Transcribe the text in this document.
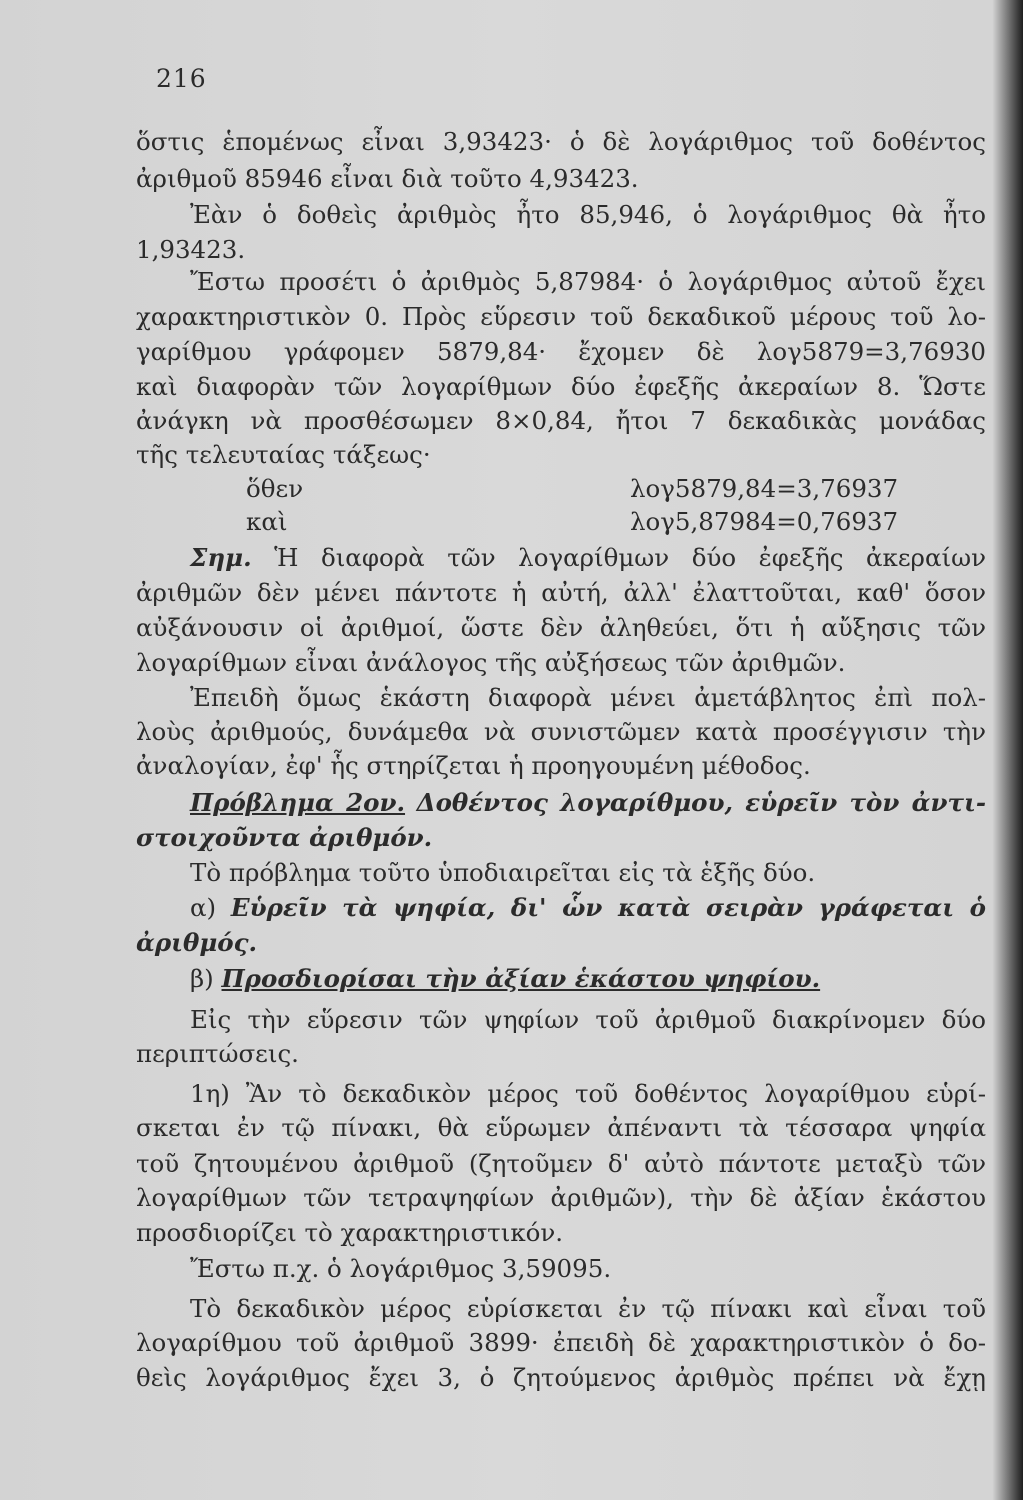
216
ὅστις ἑπομένως εἶναι 3,93423· ὁ δὲ λογάριθμος τοῦ δοθέντος
ἀριθμοῦ 85946 εἶναι διὰ τοῦτο 4,93423.
Ἐὰν ὁ δοθεὶς ἀριθμὸς ἦτο 85,946, ὁ λογάριθμος θὰ ἦτο
1,93423.
Ἔστω προσέτι ὁ ἀριθμὸς 5,87984· ὁ λογάριθμος αὐτοῦ ἔχει
χαρακτηριστικὸν 0. Πρὸς εὕρεσιν τοῦ δεκαδικοῦ μέρους τοῦ λο-
γαρίθμου γράφομεν 5879,84· ἔχομεν δὲ λογ5879=3,76930
καὶ διαφορὰν τῶν λογαρίθμων δύο ἐφεξῆς ἀκεραίων 8. Ὥστε
ἀνάγκη νὰ προσθέσωμεν 8×0,84, ἤτοι 7 δεκαδικὰς μονάδας
τῆς τελευταίας τάξεως·
ὅθεν	λογ5879,84=3,76937
καὶ	λογ5,87984=0,76937
Σημ. Ἡ διαφορὰ τῶν λογαρίθμων δύο ἐφεξῆς ἀκεραίων
ἀριθμῶν δὲν μένει πάντοτε ἡ αὐτή, ἀλλ' ἐλαττοῦται, καθ' ὅσον
αὐξάνουσιν οἱ ἀριθμοί, ὥστε δὲν ἀληθεύει, ὅτι ἡ αὔξησις τῶν
λογαρίθμων εἶναι ἀνάλογος τῆς αὐξήσεως τῶν ἀριθμῶν.
Ἐπειδὴ ὅμως ἑκάστη διαφορὰ μένει ἀμετάβλητος ἐπὶ πολ-
λοὺς ἀριθμούς, δυνάμεθα νὰ συνιστῶμεν κατὰ προσέγγισιν τὴν
ἀναλογίαν, ἐφ' ἧς στηρίζεται ἡ προηγουμένη μέθοδος.
Πρόβλημα 2ον. Δοθέντος λογαρίθμου, εὑρεῖν τὸν ἀντι-
στοιχοῦντα ἀριθμόν.
Τὸ πρόβλημα τοῦτο ὑποδιαιρεῖται εἰς τὰ ἑξῆς δύο.
α) Εὑρεῖν τὰ ψηφία, δι' ὧν κατὰ σειρὰν γράφεται ὁ
ἀριθμός.
β) Προσδιορίσαι τὴν ἀξίαν ἑκάστου ψηφίου.
Εἰς τὴν εὕρεσιν τῶν ψηφίων τοῦ ἀριθμοῦ διακρίνομεν δύο
περιπτώσεις.
1η) Ἂν τὸ δεκαδικὸν μέρος τοῦ δοθέντος λογαρίθμου εὑρί-
σκεται ἐν τῷ πίνακι, θὰ εὕρωμεν ἀπέναντι τὰ τέσσαρα ψηφία
τοῦ ζητουμένου ἀριθμοῦ (ζητοῦμεν δ' αὐτὸ πάντοτε μεταξὺ τῶν
λογαρίθμων τῶν τετραψηφίων ἀριθμῶν), τὴν δὲ ἀξίαν ἑκάστου
προσδιορίζει τὸ χαρακτηριστικόν.
Ἔστω π.χ. ὁ λογάριθμος 3,59095.
Τὸ δεκαδικὸν μέρος εὑρίσκεται ἐν τῷ πίνακι καὶ εἶναι τοῦ
λογαρίθμου τοῦ ἀριθμοῦ 3899· ἐπειδὴ δὲ χαρακτηριστικὸν ὁ δο-
θεὶς λογάριθμος ἔχει 3, ὁ ζητούμενος ἀριθμὸς πρέπει νὰ ἔχῃ
